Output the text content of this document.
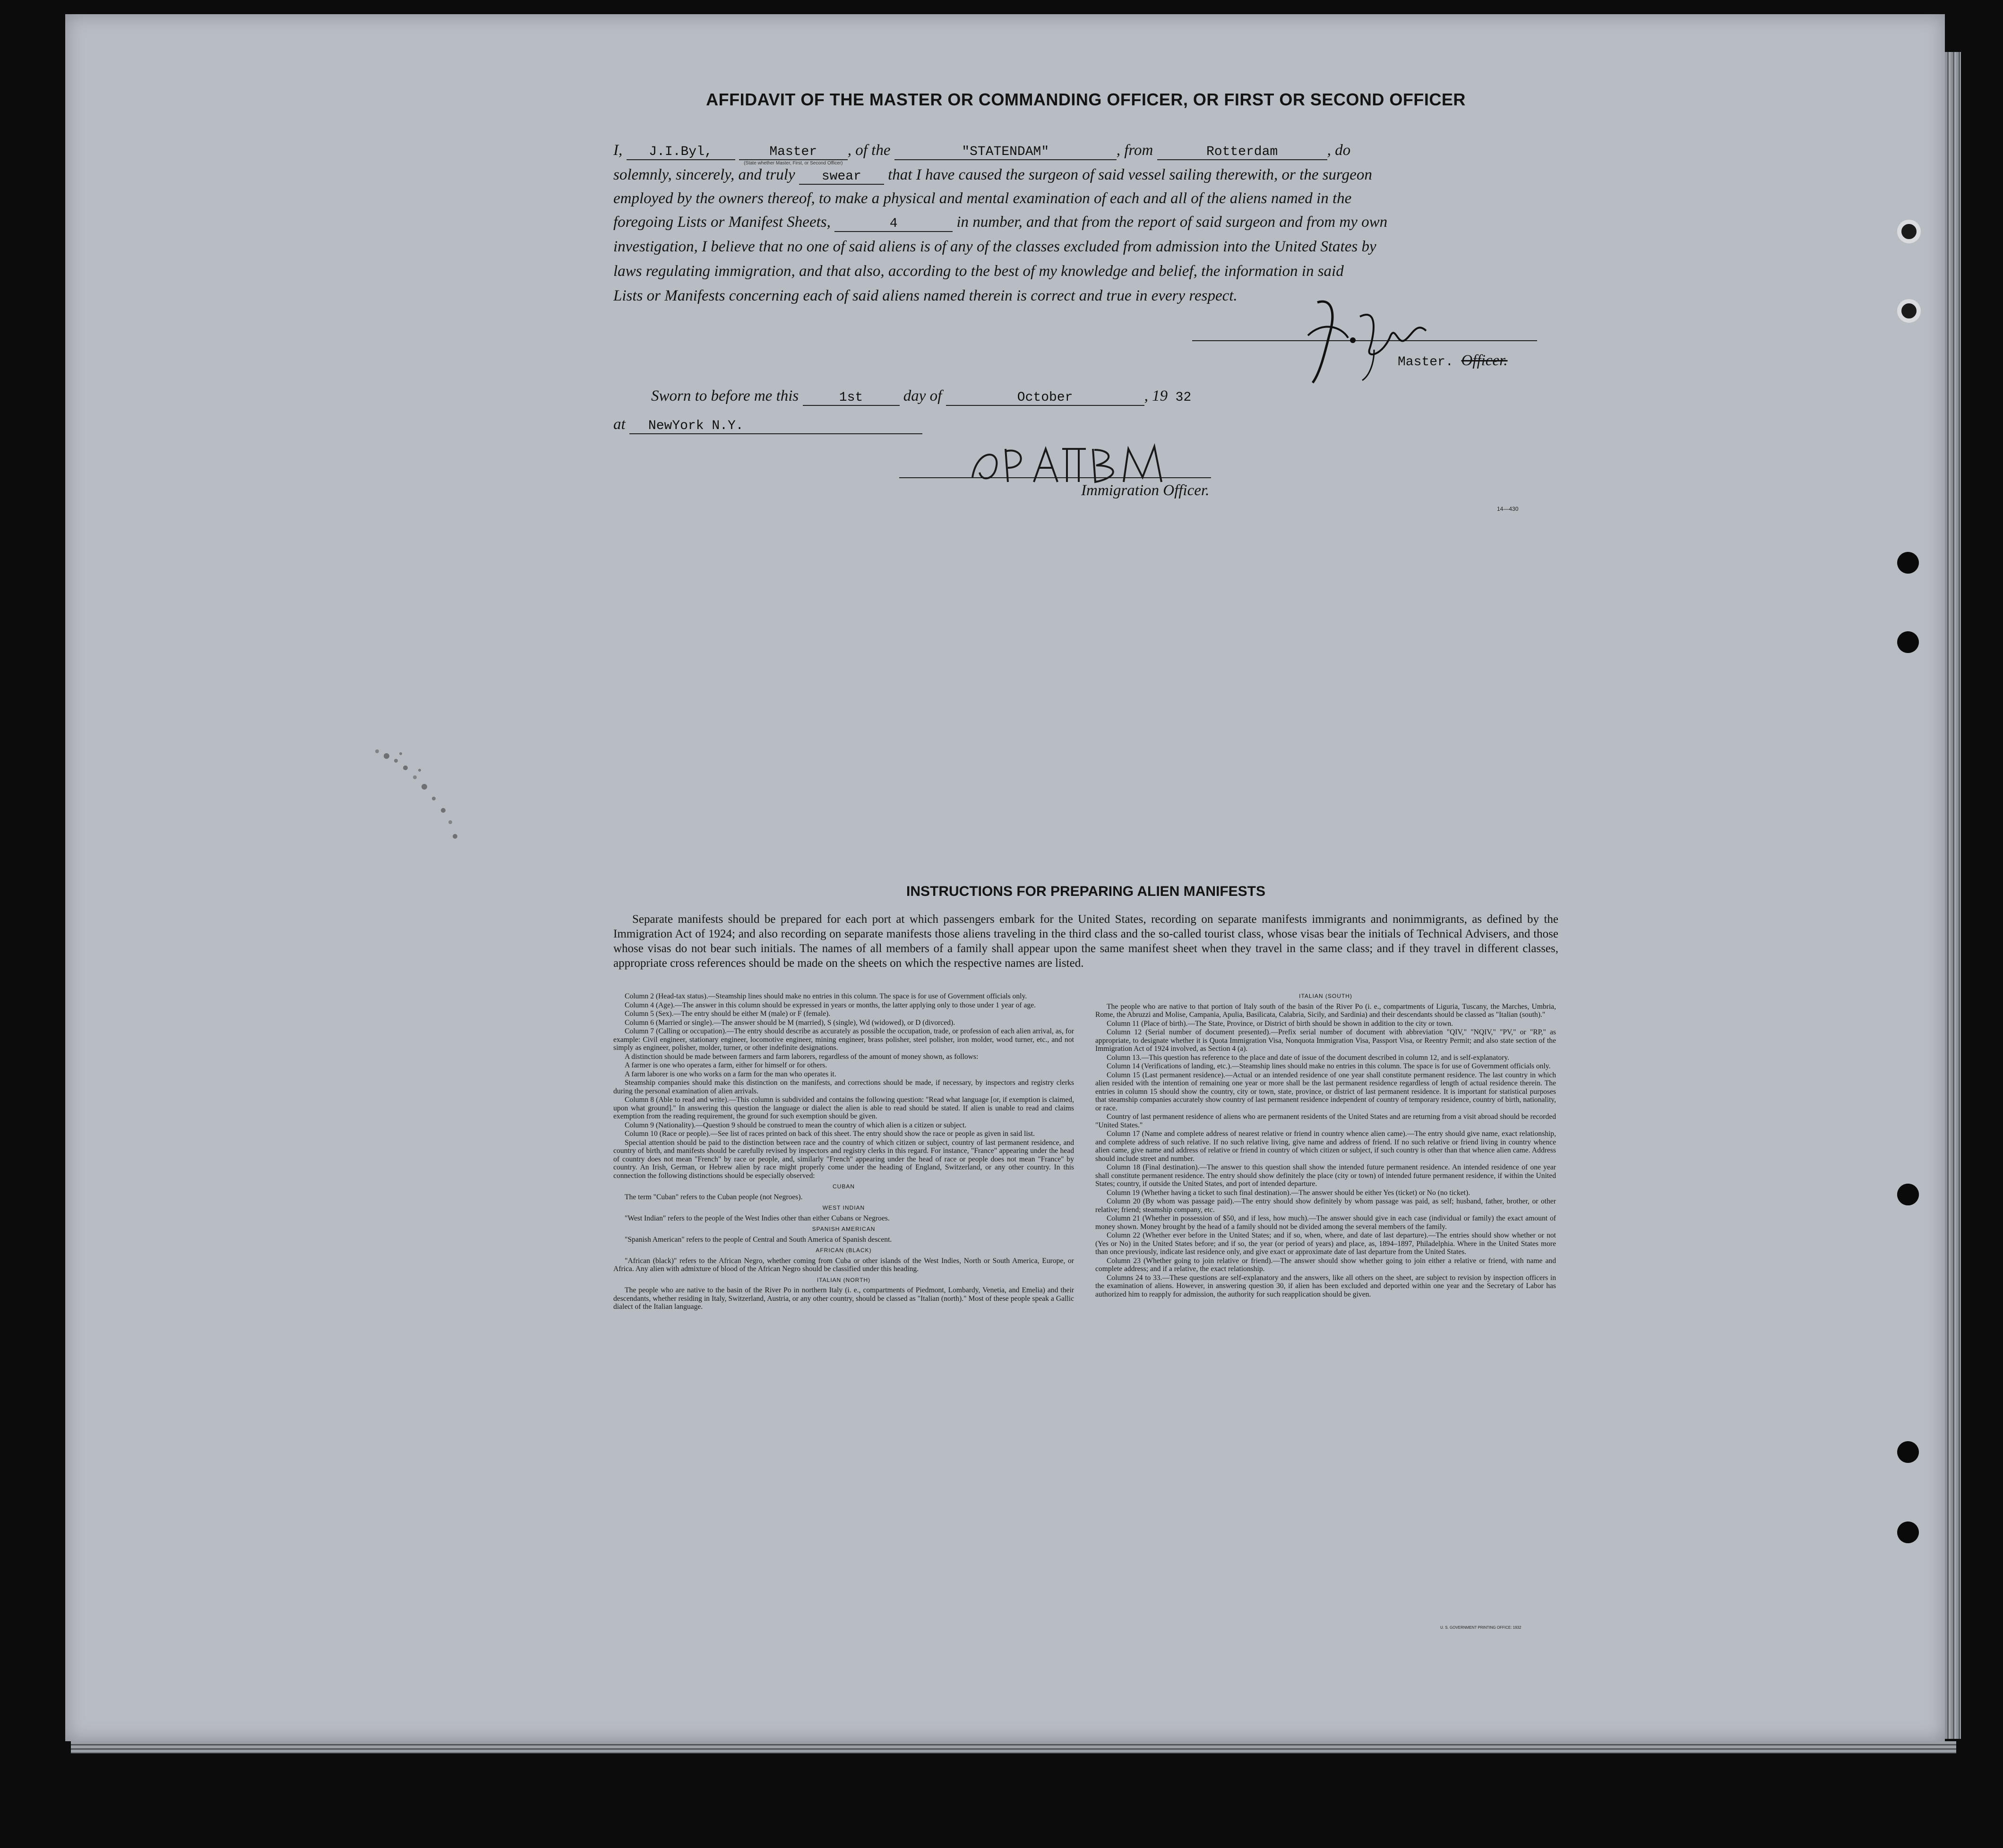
AFFIDAVIT OF THE MASTER OR COMMANDING OFFICER, OR FIRST OR SECOND OFFICER
I, J.I.Byl,	Master
(State whether Master, First, or Second Officer)
, of the	"STATENDAM"	, from	Rotterdam	, do
solemnly, sincerely, and truly swear that I have caused the surgeon of said vessel sailing therewith, or the surgeon
employed by the owners thereof, to make a physical and mental examination of each and all of the aliens named in the
foregoing Lists or Manifest Sheets,	4	in number, and that from the report of said surgeon and from my own
investigation, I believe that no one of said aliens is of any of the classes excluded from admission into the United States by
laws regulating immigration, and that also, according to the best of my knowledge and belief, the information in said
Lists or Manifests concerning each of said aliens named therein is correct and true in every respect.
Master. Officer.
Sworn to before me this	1st	day of	October	, 19 32
at NewYork N.Y.
Immigration Officer.
14—430
INSTRUCTIONS FOR PREPARING ALIEN MANIFESTS

Separate manifests should be prepared for each port at which passengers embark for the United States, recording on separate manifests immigrants and nonimmigrants, as defined by the Immigration Act of 1924; and also recording on separate manifests those aliens traveling in the third class and the so-called tourist class, whose visas bear the initials of Technical Advisers, and those whose visas do not bear such initials. The names of all members of a family shall appear upon the same manifest sheet when they travel in the same class; and if they travel in different classes, appropriate cross references should be made on the sheets on which the respective names are listed.

Column 2 (Head-tax status).—Steamship lines should make no entries in this column. The space is for use of Government officials only.

Column 4 (Age).—The answer in this column should be expressed in years or months, the latter applying only to those under 1 year of age.

Column 5 (Sex).—The entry should be either M (male) or F (female).

Column 6 (Married or single).—The answer should be M (married), S (single), Wd (widowed), or D (divorced).

Column 7 (Calling or occupation).—The entry should describe as accurately as possible the occupation, trade, or profession of each alien arrival, as, for example: Civil engineer, stationary engineer, locomotive engineer, mining engineer, brass polisher, steel polisher, iron molder, wood turner, etc., and not simply as engineer, polisher, molder, turner, or other indefinite designations.

A distinction should be made between farmers and farm laborers, regardless of the amount of money shown, as follows:

A farmer is one who operates a farm, either for himself or for others.

A farm laborer is one who works on a farm for the man who operates it.

Steamship companies should make this distinction on the manifests, and corrections should be made, if necessary, by inspectors and registry clerks during the personal examination of alien arrivals.

Column 8 (Able to read and write).—This column is subdivided and contains the following question: "Read what language [or, if exemption is claimed, upon what ground]." In answering this question the language or dialect the alien is able to read should be stated. If alien is unable to read and claims exemption from the reading requirement, the ground for such exemption should be given.

Column 9 (Nationality).—Question 9 should be construed to mean the country of which alien is a citizen or subject.

Column 10 (Race or people).—See list of races printed on back of this sheet. The entry should show the race or people as given in said list.

Special attention should be paid to the distinction between race and the country of which citizen or subject, country of last permanent residence, and country of birth, and manifests should be carefully revised by inspectors and registry clerks in this regard. For instance, "France" appearing under the head of country does not mean "French" by race or people, and, similarly "French" appearing under the head of race or people does not mean "France" by country. An Irish, German, or Hebrew alien by race might properly come under the heading of England, Switzerland, or any other country. In this connection the following distinctions should be especially observed:

CUBAN

The term "Cuban" refers to the Cuban people (not Negroes).

WEST INDIAN

"West Indian" refers to the people of the West Indies other than either Cubans or Negroes.

SPANISH AMERICAN

"Spanish American" refers to the people of Central and South America of Spanish descent.

AFRICAN (BLACK)

"African (black)" refers to the African Negro, whether coming from Cuba or other islands of the West Indies, North or South America, Europe, or Africa. Any alien with admixture of blood of the African Negro should be classified under this heading.

ITALIAN (NORTH)

The people who are native to the basin of the River Po in northern Italy (i. e., compartments of Piedmont, Lombardy, Venetia, and Emelia) and their descendants, whether residing in Italy, Switzerland, Austria, or any other country, should be classed as "Italian (north)." Most of these people speak a Gallic dialect of the Italian language.

ITALIAN (SOUTH)

The people who are native to that portion of Italy south of the basin of the River Po (i. e., compartments of Liguria, Tuscany, the Marches, Umbria, Rome, the Abruzzi and Molise, Campania, Apulia, Basilicata, Calabria, Sicily, and Sardinia) and their descendants should be classed as "Italian (south)."

Column 11 (Place of birth).—The State, Province, or District of birth should be shown in addition to the city or town.

Column 12 (Serial number of document presented).—Prefix serial number of document with abbreviation "QIV," "NQIV," "PV," or "RP," as appropriate, to designate whether it is Quota Immigration Visa, Nonquota Immigration Visa, Passport Visa, or Reentry Permit; and also state section of the Immigration Act of 1924 involved, as Section 4 (a).

Column 13.—This question has reference to the place and date of issue of the document described in column 12, and is self-explanatory.

Column 14 (Verifications of landing, etc.).—Steamship lines should make no entries in this column. The space is for use of Government officials only.

Column 15 (Last permanent residence).—Actual or an intended residence of one year shall constitute permanent residence. The last country in which alien resided with the intention of remaining one year or more shall be the last permanent residence regardless of length of actual residence therein. The entries in column 15 should show the country, city or town, state, province, or district of last permanent residence. It is important for statistical purposes that steamship companies accurately show country of last permanent residence independent of country of temporary residence, country of birth, nationality, or race.

Country of last permanent residence of aliens who are permanent residents of the United States and are returning from a visit abroad should be recorded "United States."

Column 17 (Name and complete address of nearest relative or friend in country whence alien came).—The entry should give name, exact relationship, and complete address of such relative. If no such relative living, give name and address of friend. If no such relative or friend living in country whence alien came, give name and address of relative or friend in country of which citizen or subject, if such country is other than that whence alien came. Address should include street and number.

Column 18 (Final destination).—The answer to this question shall show the intended future permanent residence. An intended residence of one year shall constitute permanent residence. The entry should show definitely the place (city or town) of intended future permanent residence, if within the United States; country, if outside the United States, and port of intended departure.

Column 19 (Whether having a ticket to such final destination).—The answer should be either Yes (ticket) or No (no ticket).

Column 20 (By whom was passage paid).—The entry should show definitely by whom passage was paid, as self; husband, father, brother, or other relative; friend; steamship company, etc.

Column 21 (Whether in possession of $50, and if less, how much).—The answer should give in each case (individual or family) the exact amount of money shown. Money brought by the head of a family should not be divided among the several members of the family.

Column 22 (Whether ever before in the United States; and if so, when, where, and date of last departure).—The entries should show whether or not (Yes or No) in the United States before; and if so, the year (or period of years) and place, as, 1894–1897, Philadelphia. Where in the United States more than once previously, indicate last residence only, and give exact or approximate date of last departure from the United States.

Column 23 (Whether going to join relative or friend).—The answer should show whether going to join either a relative or friend, with name and complete address; and if a relative, the exact relationship.

Columns 24 to 33.—These questions are self-explanatory and the answers, like all others on the sheet, are subject to revision by inspection officers in the examination of aliens. However, in answering question 30, if alien has been excluded and deported within one year and the Secretary of Labor has authorized him to reapply for admission, the authority for such reapplication should be given.

U. S. GOVERNMENT PRINTING OFFICE: 1932
